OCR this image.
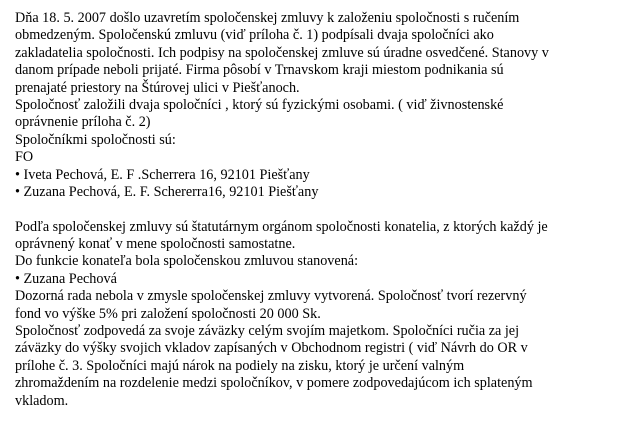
Dňa 18. 5. 2007 došlo uzavretím spoločenskej zmluvy k založeniu spoločnosti s ručením
obmedzeným. Spoločenskú zmluvu (viď príloha č. 1) podpísali dvaja spoločníci ako
zakladatelia spoločnosti. Ich podpisy na spoločenskej zmluve sú úradne osvedčené. Stanovy v
danom prípade neboli prijaté. Firma pôsobí v Trnavskom kraji miestom podnikania sú
prenajaté priestory na Štúrovej ulici v Piešťanoch.
Spoločnosť založili dvaja spoločníci , ktorý sú fyzickými osobami. ( viď živnostenské
oprávnenie príloha č. 2)
Spoločníkmi spoločnosti sú:
FO
• Iveta Pechová, E. F .Scherrera 16, 92101 Piešťany
• Zuzana Pechová, E. F. Schererra16, 92101 Piešťany
Podľa spoločenskej zmluvy sú štatutárnym orgánom spoločnosti konatelia, z ktorých každý je
oprávnený konať v mene spoločnosti samostatne.
Do funkcie konateľa bola spoločenskou zmluvou stanovená:
• Zuzana Pechová
Dozorná rada nebola v zmysle spoločenskej zmluvy vytvorená. Spoločnosť tvorí rezervný
fond vo výške 5% pri založení spoločnosti 20 000 Sk.
Spoločnosť zodpovedá za svoje záväzky celým svojím majetkom. Spoločníci ručia za jej
záväzky do výšky svojich vkladov zapísaných v Obchodnom registri ( viď Návrh do OR v
prílohe č. 3. Spoločníci majú nárok na podiely na zisku, ktorý je určení valným
zhromaždením na rozdelenie medzi spoločníkov, v pomere zodpovedajúcom ich splateným
vkladom.
